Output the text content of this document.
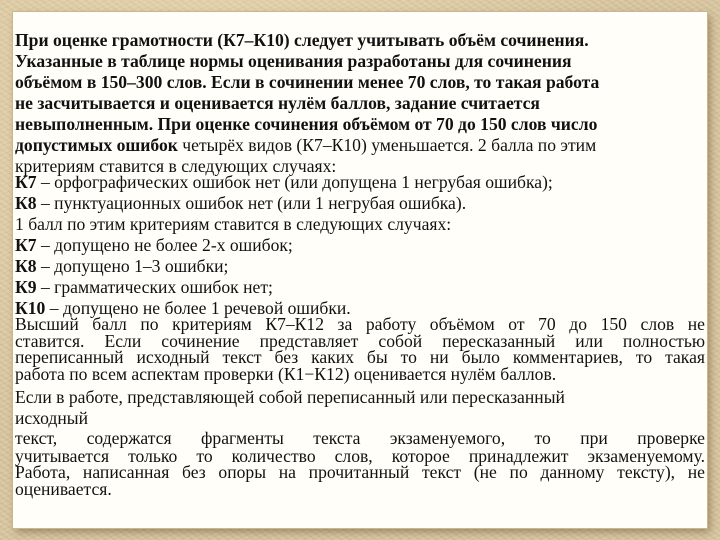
При оценке грамотности (К7–К10) следует учитывать объём сочинения.
Указанные в таблице нормы оценивания разработаны для сочинения
объёмом в 150–300 слов. Если в сочинении менее 70 слов, то такая работа
не засчитывается и оценивается нулём баллов, задание считается
невыполненным. При оценке сочинения объёмом от 70 до 150 слов число
допустимых ошибок четырёх видов (К7–К10) уменьшается. 2 балла по этим
критериям ставится в следующих случаях:
К7 – орфографических ошибок нет (или допущена 1 негрубая ошибка);
К8 – пунктуационных ошибок нет (или 1 негрубая ошибка).
1 балл по этим критериям ставится в следующих случаях:
К7 – допущено не более 2-х ошибок;
К8 – допущено 1–3 ошибки;
К9 – грамматических ошибок нет;
К10 – допущено не более 1 речевой ошибки.
Высший балл по критериям К7–К12 за работу объёмом от 70 до 150 слов не
ставится. Если сочинение представляет собой пересказанный или полностью
переписанный исходный текст без каких бы то ни было комментариев, то такая
работа по всем аспектам проверки (К1−К12) оценивается нулём баллов.
Если в работе, представляющей собой переписанный или пересказанный
исходный
текст, содержатся фрагменты текста экзаменуемого, то при проверке
учитывается только то количество слов, которое принадлежит экзаменуемому.
Работа, написанная без опоры на прочитанный текст (не по данному тексту), не
оценивается.
